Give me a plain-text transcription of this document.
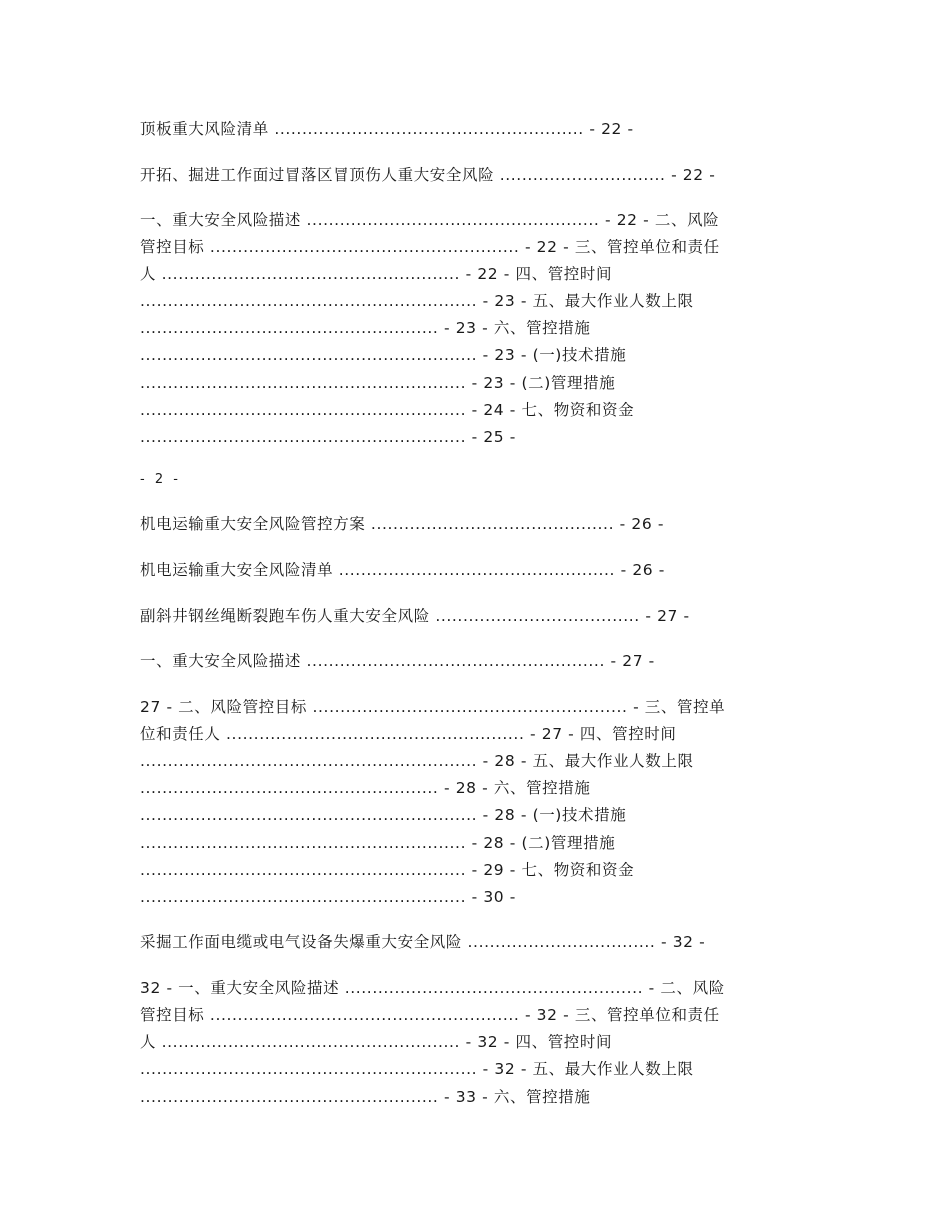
顶板重大风险清单 ........................................................ - 22 -
开拓、掘进工作面过冒落区冒顶伤人重大安全风险 .............................. - 22 -
一、重大安全风险描述 ..................................................... - 22 - 二、风险
管控目标 ........................................................ - 22 - 三、管控单位和责任
人 ...................................................... - 22 - 四、管控时间
............................................................. - 23 - 五、最大作业人数上限
...................................................... - 23 - 六、管控措施
............................................................. - 23 - (一)技术措施
........................................................... - 23 - (二)管理措施
........................................................... - 24 - 七、物资和资金
........................................................... - 25 -
- 2 -
机电运输重大安全风险管控方案 ............................................ - 26 -
机电运输重大安全风险清单 .................................................. - 26 -
副斜井钢丝绳断裂跑车伤人重大安全风险 ..................................... - 27 -
一、重大安全风险描述 ...................................................... - 27 -
27 - 二、风险管控目标 ......................................................... - 三、管控单
位和责任人 ...................................................... - 27 - 四、管控时间
............................................................. - 28 - 五、最大作业人数上限
...................................................... - 28 - 六、管控措施
............................................................. - 28 - (一)技术措施
........................................................... - 28 - (二)管理措施
........................................................... - 29 - 七、物资和资金
........................................................... - 30 -
采掘工作面电缆或电气设备失爆重大安全风险 .................................. - 32 -
32 - 一、重大安全风险描述 ...................................................... - 二、风险
管控目标 ........................................................ - 32 - 三、管控单位和责任
人 ...................................................... - 32 - 四、管控时间
............................................................. - 32 - 五、最大作业人数上限
...................................................... - 33 - 六、管控措施
